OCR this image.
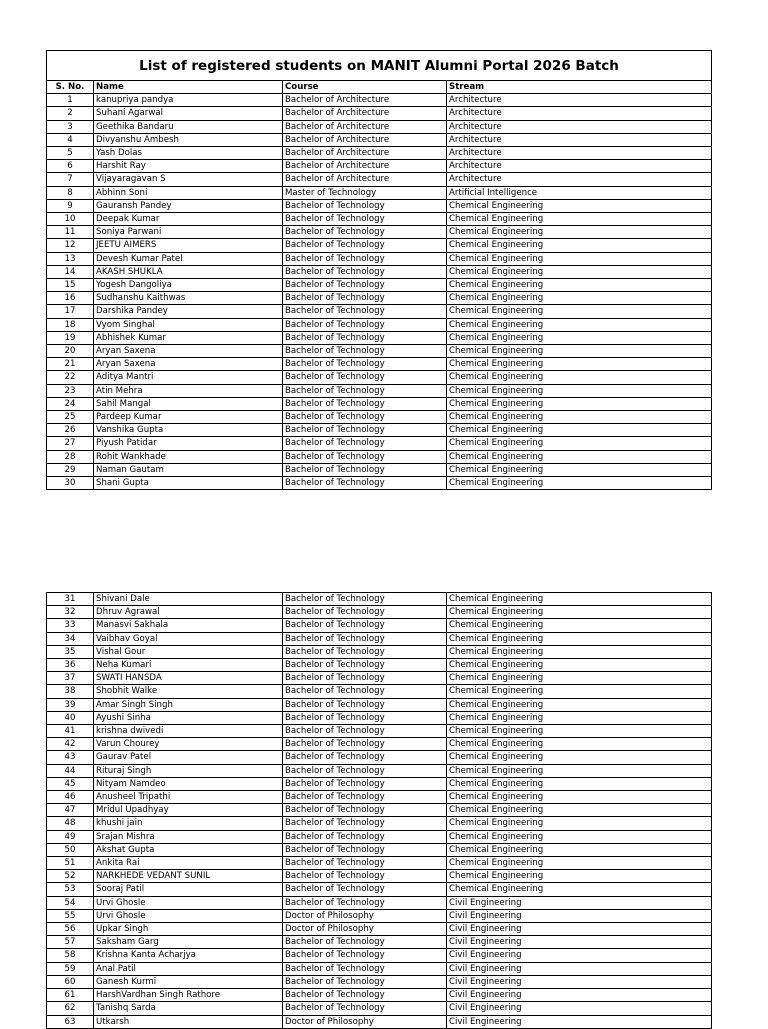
List of registered students on MANIT Alumni Portal 2026 Batch			
S. No.	Name	Course	Stream
1	kanupriya pandya	Bachelor of Architecture	Architecture
2	Suhani Agarwal	Bachelor of Architecture	Architecture
3	Geethika Bandaru	Bachelor of Architecture	Architecture
4	Divyanshu Ambesh	Bachelor of Architecture	Architecture
5	Yash Dolas	Bachelor of Architecture	Architecture
6	Harshit Ray	Bachelor of Architecture	Architecture
7	Vijayaragavan S	Bachelor of Architecture	Architecture
8	Abhinn Soni	Master of Technology	Artificial Intelligence
9	Gauransh Pandey	Bachelor of Technology	Chemical Engineering
10	Deepak Kumar	Bachelor of Technology	Chemical Engineering
11	Soniya Parwani	Bachelor of Technology	Chemical Engineering
12	JEETU AIMERS	Bachelor of Technology	Chemical Engineering
13	Devesh Kumar Patel	Bachelor of Technology	Chemical Engineering
14	AKASH SHUKLA	Bachelor of Technology	Chemical Engineering
15	Yogesh Dangoliya	Bachelor of Technology	Chemical Engineering
16	Sudhanshu Kaithwas	Bachelor of Technology	Chemical Engineering
17	Darshika Pandey	Bachelor of Technology	Chemical Engineering
18	Vyom Singhal	Bachelor of Technology	Chemical Engineering
19	Abhishek Kumar	Bachelor of Technology	Chemical Engineering
20	Aryan Saxena	Bachelor of Technology	Chemical Engineering
21	Aryan Saxena	Bachelor of Technology	Chemical Engineering
22	Aditya Mantri	Bachelor of Technology	Chemical Engineering
23	Atin Mehra	Bachelor of Technology	Chemical Engineering
24	Sahil Mangal	Bachelor of Technology	Chemical Engineering
25	Pardeep Kumar	Bachelor of Technology	Chemical Engineering
26	Vanshika Gupta	Bachelor of Technology	Chemical Engineering
27	Piyush Patidar	Bachelor of Technology	Chemical Engineering
28	Rohit Wankhade	Bachelor of Technology	Chemical Engineering
29	Naman Gautam	Bachelor of Technology	Chemical Engineering
30	Shani Gupta	Bachelor of Technology	Chemical Engineering
31	Shivani Dale	Bachelor of Technology	Chemical Engineering
32	Dhruv Agrawal	Bachelor of Technology	Chemical Engineering
33	Manasvi Sakhala	Bachelor of Technology	Chemical Engineering
34	Vaibhav Goyal	Bachelor of Technology	Chemical Engineering
35	Vishal Gour	Bachelor of Technology	Chemical Engineering
36	Neha Kumari	Bachelor of Technology	Chemical Engineering
37	SWATI HANSDA	Bachelor of Technology	Chemical Engineering
38	Shobhit Walke	Bachelor of Technology	Chemical Engineering
39	Amar Singh Singh	Bachelor of Technology	Chemical Engineering
40	Ayushi Sinha	Bachelor of Technology	Chemical Engineering
41	krishna dwivedi	Bachelor of Technology	Chemical Engineering
42	Varun Chourey	Bachelor of Technology	Chemical Engineering
43	Gaurav Patel	Bachelor of Technology	Chemical Engineering
44	Rituraj Singh	Bachelor of Technology	Chemical Engineering
45	Nityam Namdeo	Bachelor of Technology	Chemical Engineering
46	Anusheel Tripathi	Bachelor of Technology	Chemical Engineering
47	Mridul Upadhyay	Bachelor of Technology	Chemical Engineering
48	khushi jain	Bachelor of Technology	Chemical Engineering
49	Srajan Mishra	Bachelor of Technology	Chemical Engineering
50	Akshat Gupta	Bachelor of Technology	Chemical Engineering
51	Ankita Rai	Bachelor of Technology	Chemical Engineering
52	NARKHEDE VEDANT SUNIL	Bachelor of Technology	Chemical Engineering
53	Sooraj Patil	Bachelor of Technology	Chemical Engineering
54	Urvi Ghosle	Bachelor of Technology	Civil Engineering
55	Urvi Ghosle	Doctor of Philosophy	Civil Engineering
56	Upkar Singh	Doctor of Philosophy	Civil Engineering
57	Saksham Garg	Bachelor of Technology	Civil Engineering
58	Krishna Kanta Acharjya	Bachelor of Technology	Civil Engineering
59	Anal Patil	Bachelor of Technology	Civil Engineering
60	Ganesh Kurmi	Bachelor of Technology	Civil Engineering
61	HarshVardhan Singh Rathore	Bachelor of Technology	Civil Engineering
62	Tanishq Sarda	Bachelor of Technology	Civil Engineering
63	Utkarsh	Doctor of Philosophy	Civil Engineering
